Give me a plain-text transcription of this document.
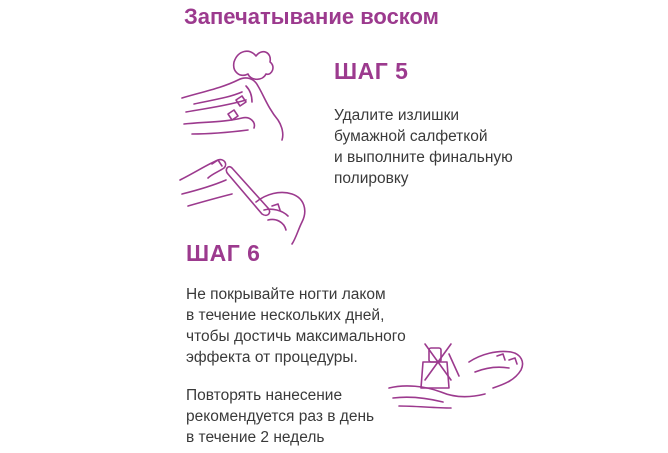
Запечатывание воском
ШАГ 5

Удалите излишки
бумажной салфеткой
и выполните финальную
полировку

ШАГ 6

Не покрывайте ногти лаком
в течение нескольких дней,
чтобы достичь максимального
эффекта от процедуры.

Повторять нанесение
рекомендуется раз в день
в течение 2 недель
